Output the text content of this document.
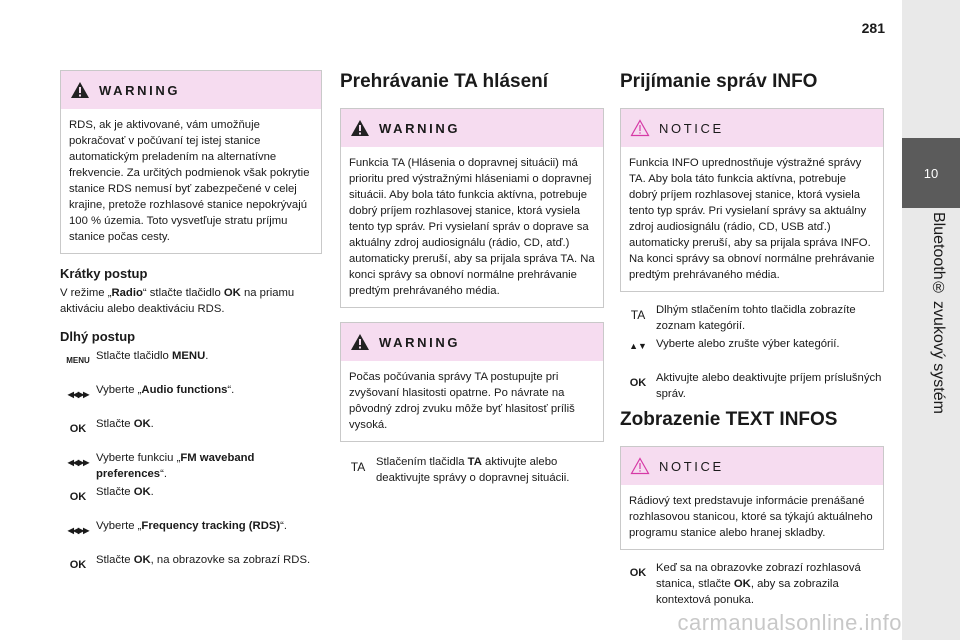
10
Bluetooth® zvukový systém
281
WARNING
RDS, ak je aktivované, vám umožňuje pokračovať v počúvaní tej istej stanice automatickým preladením na alternatívne frekvencie. Za určitých podmienok však pokrytie stanice RDS nemusí byť zabezpečené v celej krajine, pretože rozhlasové stanice nepokrývajú 100 % územia. Toto vysvetľuje stratu príjmu stanice počas cesty.
Krátky postup

V režime „Radio“ stlačte tlačidlo OK na priamu aktiváciu alebo deaktiváciu RDS.

Dlhý postup
MENU Stlačte tlačidlo MENU.
◀◀▶▶ Vyberte „Audio functions“.
OK Stlačte OK.
◀◀▶▶ Vyberte funkciu „FM waveband preferences“.
OK Stlačte OK.
◀◀▶▶ Vyberte „Frequency tracking (RDS)“.
OK Stlačte OK, na obrazovke sa zobrazí RDS.
Prehrávanie TA hlásení
WARNING
Funkcia TA (Hlásenia o dopravnej situácii) má prioritu pred výstražnými hláseniami o dopravnej situácii. Aby bola táto funkcia aktívna, potrebuje dobrý príjem rozhlasovej stanice, ktorá vysiela tento typ správ. Pri vysielaní správ o doprave sa aktuálny zdroj audiosignálu (rádio, CD, atď.) automaticky preruší, aby sa prijala správa TA. Na konci správy sa obnoví normálne prehrávanie predtým prehrávaného média.
WARNING
Počas počúvania správy TA postupujte pri zvyšovaní hlasitosti opatrne. Po návrate na pôvodný zdroj zvuku môže byť hlasitosť príliš vysoká.
TA Stlačením tlačidla TA aktivujte alebo deaktivujte správy o dopravnej situácii.
Prijímanie správ INFO
NOTICE
Funkcia INFO uprednostňuje výstražné správy TA. Aby bola táto funkcia aktívna, potrebuje dobrý príjem rozhlasovej stanice, ktorá vysiela tento typ správ. Pri vysielaní správy sa aktuálny zdroj audiosignálu (rádio, CD, USB atď.) automaticky preruší, aby sa prijala správa INFO. Na konci správy sa obnoví normálne prehrávanie predtým prehrávaného média.
TA Dlhým stlačením tohto tlačidla zobrazíte zoznam kategórií.
▲▼ Vyberte alebo zrušte výber kategórií.
OK Aktivujte alebo deaktivujte príjem príslušných správ.
Zobrazenie TEXT INFOS
NOTICE
Rádiový text predstavuje informácie prenášané rozhlasovou stanicou, ktoré sa týkajú aktuálneho programu stanice alebo hranej skladby.
OK Keď sa na obrazovke zobrazí rozhlasová stanica, stlačte OK, aby sa zobrazila kontextová ponuka.
carmanualsonline.info
